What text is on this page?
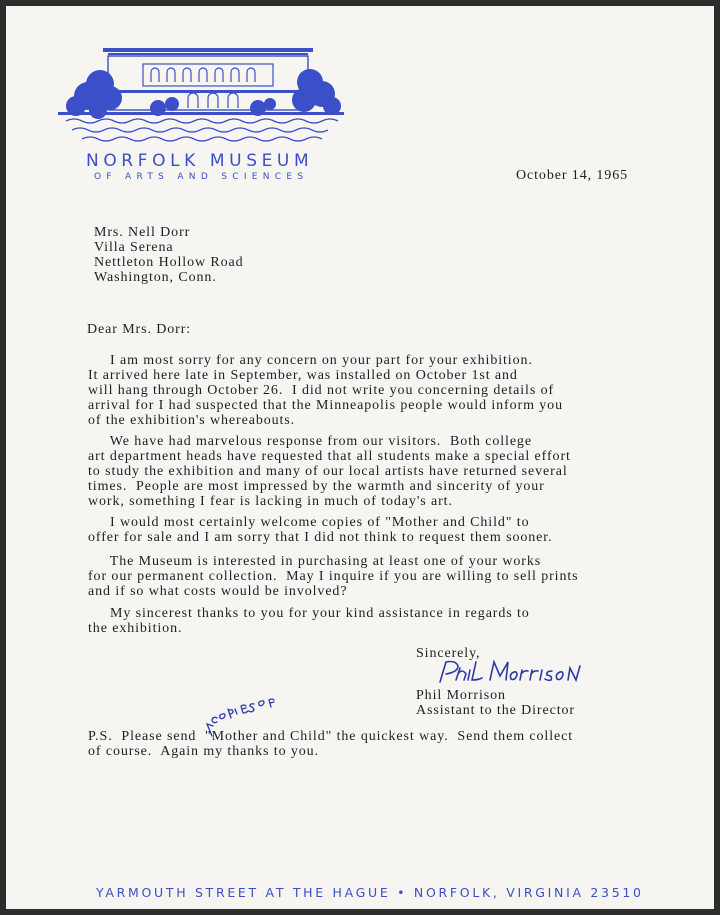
NORFOLK MUSEUM
OF ARTS AND SCIENCES	October 14, 1965
Mrs. Nell Dorr
Villa Serena
Nettleton Hollow Road
Washington, Conn.
Dear Mrs. Dorr:
I am most sorry for any concern on your part for your exhibition.
It arrived here late in September, was installed on October 1st and
will hang through October 26.  I did not write you concerning details of
arrival for I had suspected that the Minneapolis people would inform you
of the exhibition's whereabouts.
We have had marvelous response from our visitors.  Both college
art department heads have requested that all students make a special effort
to study the exhibition and many of our local artists have returned several
times.  People are most impressed by the warmth and sincerity of your
work, something I fear is lacking in much of today's art.
I would most certainly welcome copies of "Mother and Child" to
offer for sale and I am sorry that I did not think to request them sooner.
The Museum is interested in purchasing at least one of your works
for our permanent collection.  May I inquire if you are willing to sell prints
and if so what costs would be involved?
My sincerest thanks to you for your kind assistance in regards to
the exhibition.
Sincerely,
Phil Morrison
Assistant to the Director
P.S.  Please send  "Mother and Child" the quickest way.  Send them collect
of course.  Again my thanks to you.
YARMOUTH STREET AT THE HAGUE • NORFOLK, VIRGINIA 23510
